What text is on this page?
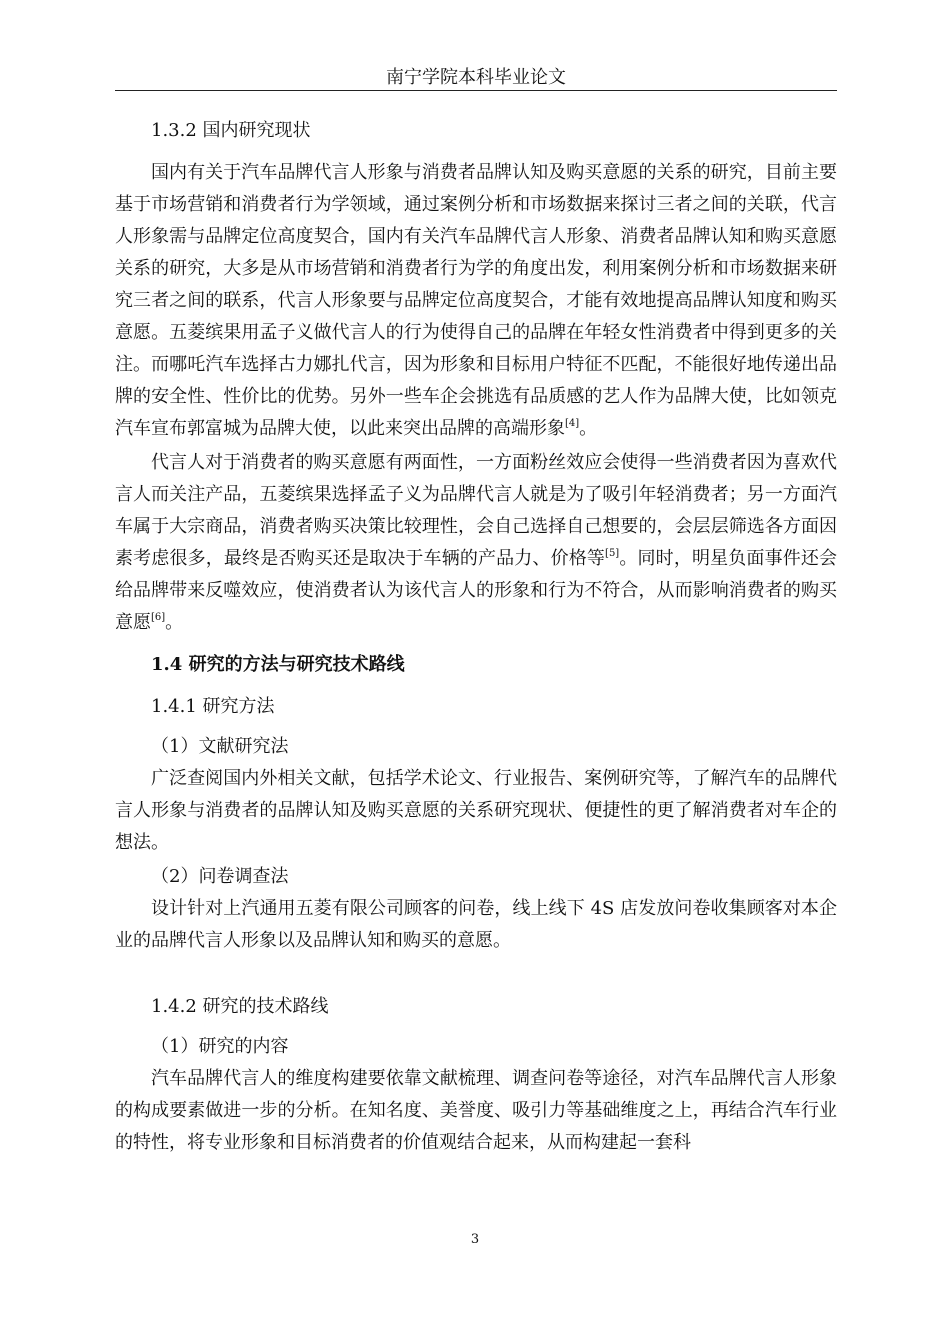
南宁学院本科毕业论文
1.3.2 国内研究现状

国内有关于汽车品牌代言人形象与消费者品牌认知及购买意愿的关系的研究，目前主要基于市场营销和消费者行为学领域，通过案例分析和市场数据来探讨三者之间的关联，代言人形象需与品牌定位高度契合，国内有关汽车品牌代言人形象、消费者品牌认知和购买意愿关系的研究，大多是从市场营销和消费者行为学的角度出发，利用案例分析和市场数据来研究三者之间的联系，代言人形象要与品牌定位高度契合，才能有效地提高品牌认知度和购买意愿。五菱缤果用孟子义做代言人的行为使得自己的品牌在年轻女性消费者中得到更多的关注。而哪吒汽车选择古力娜扎代言，因为形象和目标用户特征不匹配，不能很好地传递出品牌的安全性、性价比的优势。另外一些车企会挑选有品质感的艺人作为品牌大使，比如领克汽车宣布郭富城为品牌大使，以此来突出品牌的高端形象[4]。

代言人对于消费者的购买意愿有两面性，一方面粉丝效应会使得一些消费者因为喜欢代言人而关注产品，五菱缤果选择孟子义为品牌代言人就是为了吸引年轻消费者；另一方面汽车属于大宗商品，消费者购买决策比较理性，会自己选择自己想要的，会层层筛选各方面因素考虑很多，最终是否购买还是取决于车辆的产品力、价格等[5]。同时，明星负面事件还会给品牌带来反噬效应，使消费者认为该代言人的形象和行为不符合，从而影响消费者的购买意愿[6]。

1.4 研究的方法与研究技术路线
1.4.1 研究方法
（1）文献研究法

广泛查阅国内外相关文献，包括学术论文、行业报告、案例研究等，了解汽车的品牌代言人形象与消费者的品牌认知及购买意愿的关系研究现状、便捷性的更了解消费者对车企的想法。

（2）问卷调查法

设计针对上汽通用五菱有限公司顾客的问卷，线上线下 4S 店发放问卷收集顾客对本企业的品牌代言人形象以及品牌认知和购买的意愿。

1.4.2 研究的技术路线
（1）研究的内容

汽车品牌代言人的维度构建要依靠文献梳理、调查问卷等途径，对汽车品牌代言人形象的构成要素做进一步的分析。在知名度、美誉度、吸引力等基础维度之上，再结合汽车行业的特性，将专业形象和目标消费者的价值观结合起来，从而构建起一套科

3
